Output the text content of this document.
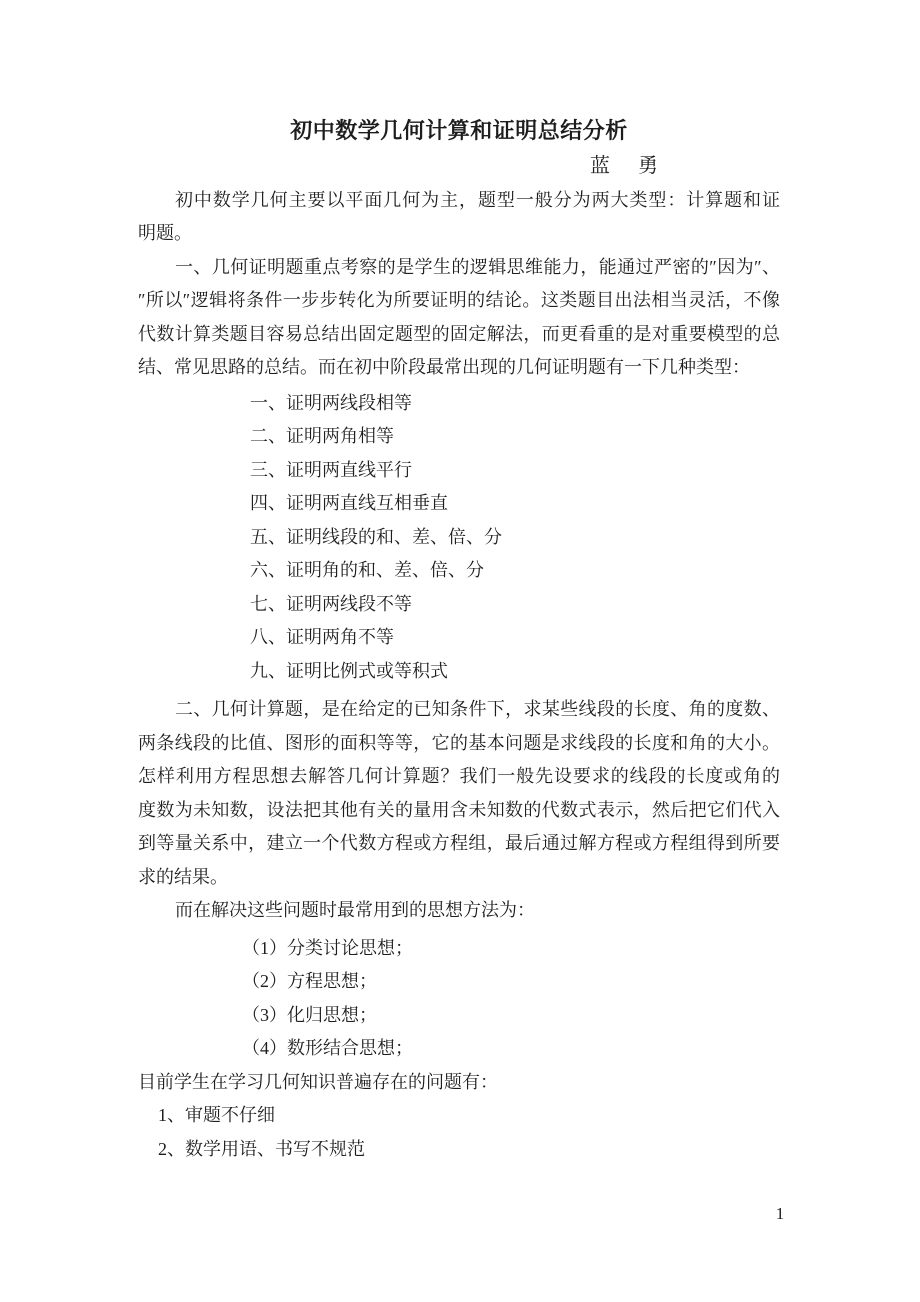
初中数学几何计算和证明总结分析
蓝　勇
初中数学几何主要以平面几何为主，题型一般分为两大类型：计算题和证
明题。
一、几何证明题重点考察的是学生的逻辑思维能力，能通过严密的″因为″、
″所以″逻辑将条件一步步转化为所要证明的结论。这类题目出法相当灵活，不像
代数计算类题目容易总结出固定题型的固定解法，而更看重的是对重要模型的总
结、常见思路的总结。而在初中阶段最常出现的几何证明题有一下几种类型：
一、证明两线段相等
二、证明两角相等
三、证明两直线平行
四、证明两直线互相垂直
五、证明线段的和、差、倍、分
六、证明角的和、差、倍、分
七、证明两线段不等
八、证明两角不等
九、证明比例式或等积式
二、几何计算题，是在给定的已知条件下，求某些线段的长度、角的度数、
两条线段的比值、图形的面积等等，它的基本问题是求线段的长度和角的大小。
怎样利用方程思想去解答几何计算题？我们一般先设要求的线段的长度或角的
度数为未知数，设法把其他有关的量用含未知数的代数式表示，然后把它们代入
到等量关系中，建立一个代数方程或方程组，最后通过解方程或方程组得到所要
求的结果。
而在解决这些问题时最常用到的思想方法为：
（1）分类讨论思想；
（2）方程思想；
（3）化归思想；
（4）数形结合思想；
目前学生在学习几何知识普遍存在的问题有：
1、审题不仔细
2、数学用语、书写不规范
1
